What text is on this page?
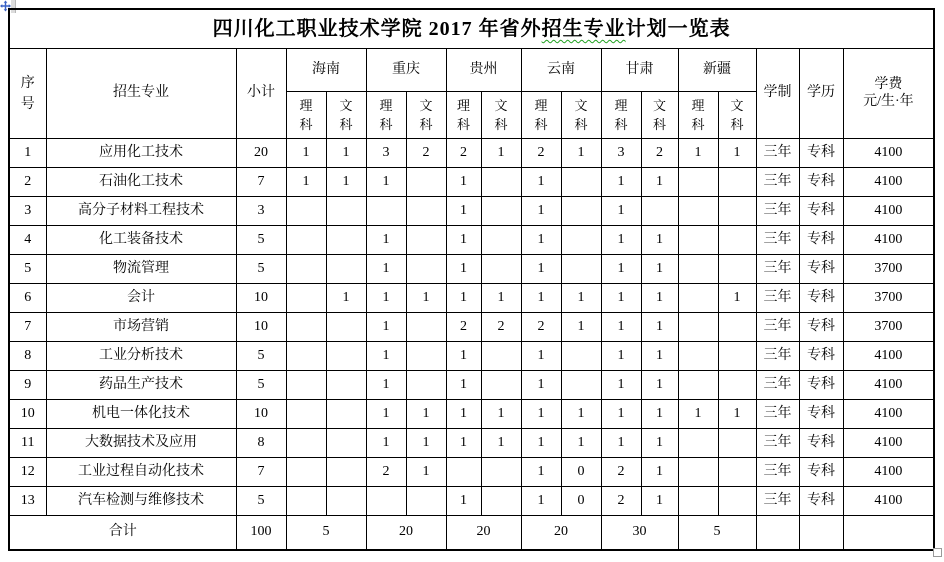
四川化工职业技术学院 2017 年省外招生专业计划一览表																	

序号	招生专业	小计	海南		重庆		贵州		云南		甘肃		新疆		学制	学历	学费
元/生·年

			理科	文科	理科	文科	理科	文科	理科	文科	理科	文科	理科	文科			

1	应用化工技术	20	1	1	3	2	2	1	2	1	3	2	1	1	三年	专科	4100
2	石油化工技术	7	1	1	1		1		1		1	1			三年	专科	4100
3	高分子材料工程技术	3					1		1		1				三年	专科	4100
4	化工装备技术	5			1		1		1		1	1			三年	专科	4100
5	物流管理	5			1		1		1		1	1			三年	专科	3700
6	会计	10		1	1	1	1	1	1	1	1	1		1	三年	专科	3700
7	市场营销	10			1		2	2	2	1	1	1			三年	专科	3700
8	工业分析技术	5			1		1		1		1	1			三年	专科	4100
9	药品生产技术	5			1		1		1		1	1			三年	专科	4100
10	机电一体化技术	10			1	1	1	1	1	1	1	1	1	1	三年	专科	4100
11	大数据技术及应用	8			1	1	1	1	1	1	1	1			三年	专科	4100
12	工业过程自动化技术	7			2	1			1	0	2	1			三年	专科	4100
13	汽车检测与维修技术	5					1		1	0	2	1			三年	专科	4100
合计		100	5		20		20		20		30		5				
